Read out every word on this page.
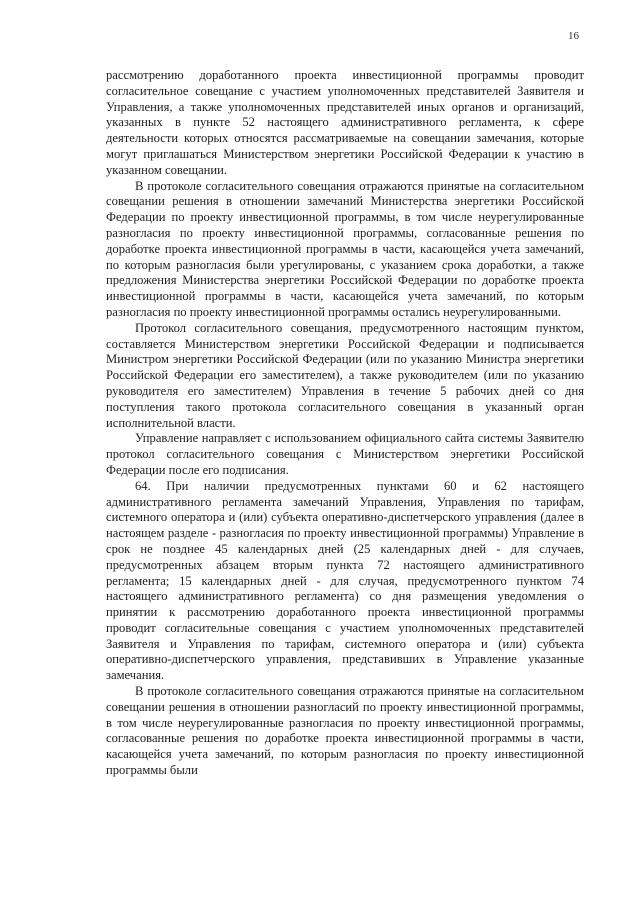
16

рассмотрению доработанного проекта инвестиционной программы проводит согласительное совещание с участием уполномоченных представителей Заявителя и Управления, а также уполномоченных представителей иных органов и организаций, указанных в пункте 52 настоящего административного регламента, к сфере деятельности которых относятся рассматриваемые на совещании замечания, которые могут приглашаться Министерством энергетики Российской Федерации к участию в указанном совещании.

В протоколе согласительного совещания отражаются принятые на согласительном совещании решения в отношении замечаний Министерства энергетики Российской Федерации по проекту инвестиционной программы, в том числе неурегулированные разногласия по проекту инвестиционной программы, согласованные решения по доработке проекта инвестиционной программы в части, касающейся учета замечаний, по которым разногласия были урегулированы, с указанием срока доработки, а также предложения Министерства энергетики Российской Федерации по доработке проекта инвестиционной программы в части, касающейся учета замечаний, по которым разногласия по проекту инвестиционной программы остались неурегулированными.

Протокол согласительного совещания, предусмотренного настоящим пунктом, составляется Министерством энергетики Российской Федерации и подписывается Министром энергетики Российской Федерации (или по указанию Министра энергетики Российской Федерации его заместителем), а также руководителем (или по указанию руководителя его заместителем) Управления в течение 5 рабочих дней со дня поступления такого протокола согласительного совещания в указанный орган исполнительной власти.

Управление направляет с использованием официального сайта системы Заявителю протокол согласительного совещания с Министерством энергетики Российской Федерации после его подписания.

64. При наличии предусмотренных пунктами 60 и 62 настоящего административного регламента замечаний Управления, Управления по тарифам, системного оператора и (или) субъекта оперативно-диспетчерского управления (далее в настоящем разделе - разногласия по проекту инвестиционной программы) Управление в срок не позднее 45 календарных дней (25 календарных дней - для случаев, предусмотренных абзацем вторым пункта 72 настоящего административного регламента; 15 календарных дней - для случая, предусмотренного пунктом 74 настоящего административного регламента) со дня размещения уведомления о принятии к рассмотрению доработанного проекта инвестиционной программы проводит согласительные совещания с участием уполномоченных представителей Заявителя и Управления по тарифам, системного оператора и (или) субъекта оперативно-диспетчерского управления, представивших в Управление указанные замечания.

В протоколе согласительного совещания отражаются принятые на согласительном совещании решения в отношении разногласий по проекту инвестиционной программы, в том числе неурегулированные разногласия по проекту инвестиционной программы, согласованные решения по доработке проекта инвестиционной программы в части, касающейся учета замечаний, по которым разногласия по проекту инвестиционной программы были
